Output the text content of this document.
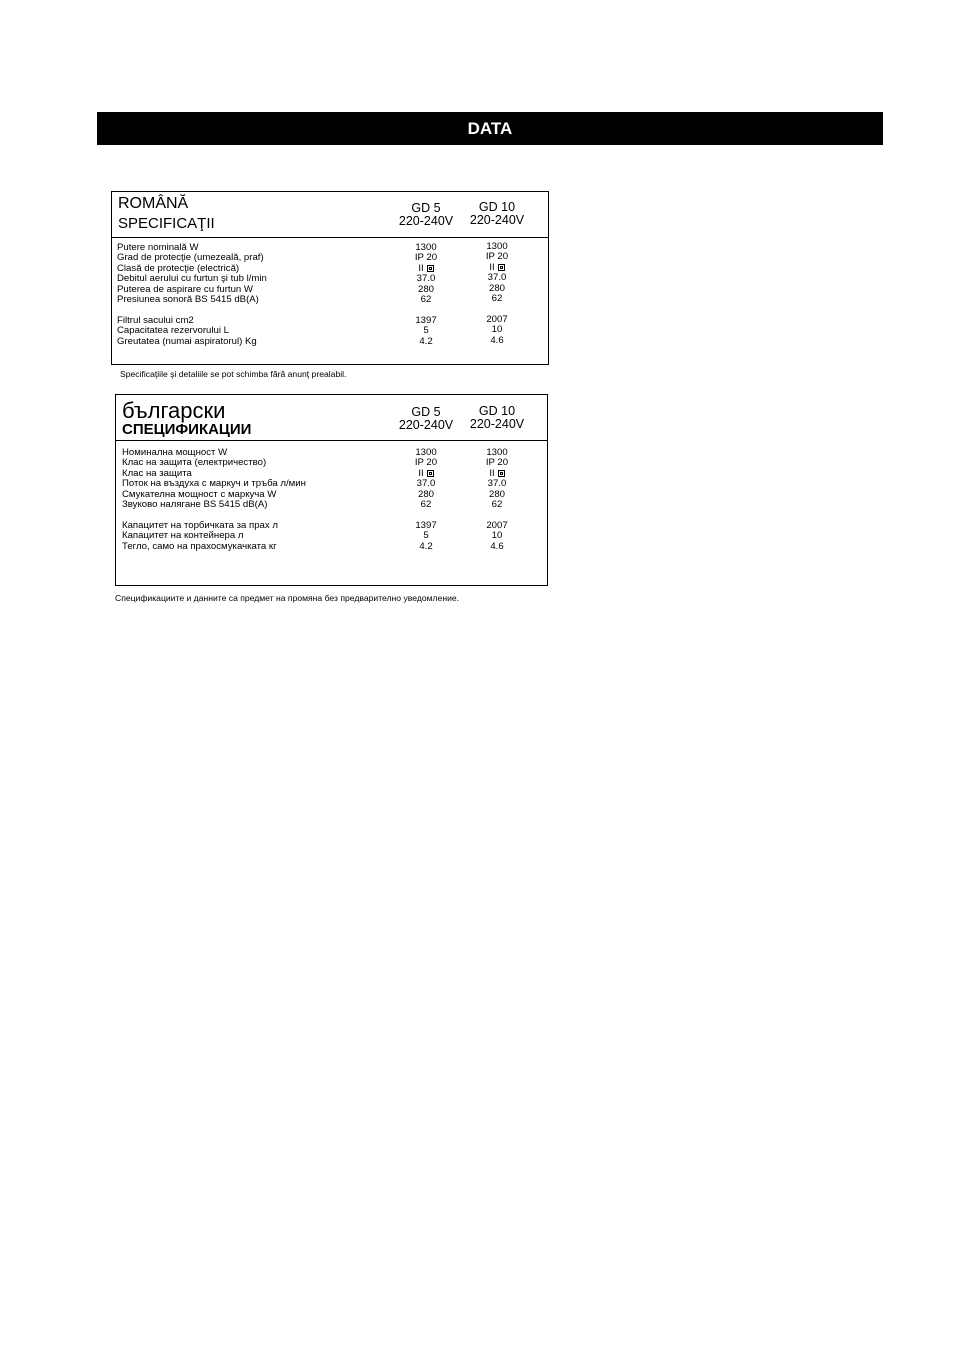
DATA
ROMÂNĂ
SPECIFICAŢII
GD 5
220-240V
GD 10
220-240V
Putere nominală W
Grad de protecţie (umezeală, praf)
Clasă de protecţie (electrică)
Debitul aerului cu furtun şi tub l/min
Puterea de aspirare cu furtun W
Presiunea sonoră BS 5415 dB(A)
Filtrul sacului cm2
Capacitatea rezervorului L
Greutatea (numai aspiratorul) Kg
1300
IP 20
II
37.0
280
62
1397
5
4.2
1300
IP 20
II
37.0
280
62
2007
10
4.6
Specificaţiile şi detaliile se pot schimba fără anunţ prealabil.
български
СПЕЦИФИКАЦИИ
GD 5
220-240V
GD 10
220-240V
Номинална мощност W
Клас на защита (електричество)
Клас на защита
Поток на въздуха с маркуч и тръба л/мин
Смукателна мощност с маркуча W
Звуково налягане BS 5415 dB(A)
Капацитет на торбичката за прах л
Капацитет на контейнера л
Тегло, само на прахосмукачката кг
1300
IP 20
II
37.0
280
62
1397
5
4.2
1300
IP 20
II
37.0
280
62
2007
10
4.6
Спецификациите и данните са предмет на промяна без предварително уведомление.
